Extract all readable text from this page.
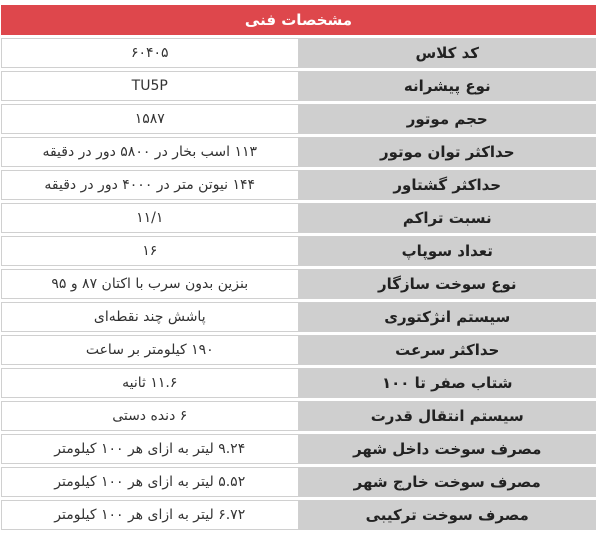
مشخصات فنی	
کد کلاس	۶۰۴۰۵
نوع پیشرانه	TU5P
حجم موتور	۱۵۸۷
حداکثر توان موتور	۱۱۳ اسب بخار در ۵۸۰۰ دور در دقیقه
حداکثر گشتاور	۱۴۴ نیوتن متر در ۴۰۰۰ دور در دقیقه
نسبت تراکم	۱۱/۱
تعداد سوپاپ	۱۶
نوع سوخت سازگار	بنزین بدون سرب با اکتان ۸۷ و ۹۵
سیستم انژکتوری	پاشش چند نقطه‌ای
حداکثر سرعت	۱۹۰ کیلومتر بر ساعت
شتاب صفر تا ۱۰۰	۱۱.۶ ثانیه
سیستم انتقال قدرت	۶ دنده دستی
مصرف سوخت داخل شهر	۹.۲۴ لیتر به ازای هر ۱۰۰ کیلومتر
مصرف سوخت خارج شهر	۵.۵۲ لیتر به ازای هر ۱۰۰ کیلومتر
مصرف سوخت ترکیبی	۶.۷۲ لیتر به ازای هر ۱۰۰ کیلومتر
